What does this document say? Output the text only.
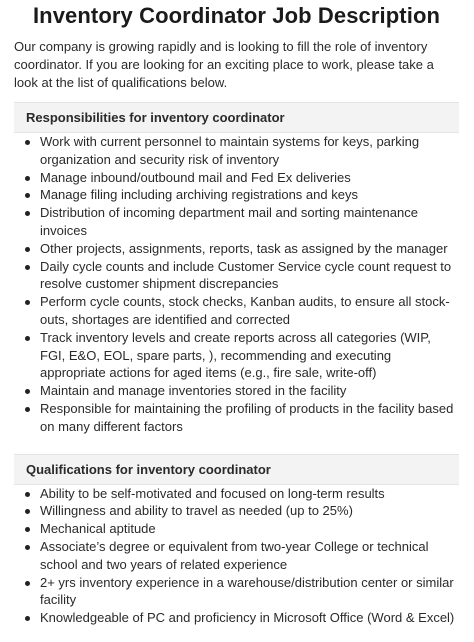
Inventory Coordinator Job Description

Our company is growing rapidly and is looking to fill the role of inventory coordinator. If you are looking for an exciting place to work, please take a look at the list of qualifications below.

Responsibilities for inventory coordinator
Work with current personnel to maintain systems for keys, parking organization and security risk of inventory
Manage inbound/outbound mail and Fed Ex deliveries
Manage filing including archiving registrations and keys
Distribution of incoming department mail and sorting maintenance invoices
Other projects, assignments, reports, task as assigned by the manager
Daily cycle counts and include Customer Service cycle count request to resolve customer shipment discrepancies
Perform cycle counts, stock checks, Kanban audits, to ensure all stock-outs, shortages are identified and corrected
Track inventory levels and create reports across all categories (WIP, FGI, E&O, EOL, spare parts, ), recommending and executing appropriate actions for aged items (e.g., fire sale, write-off)
Maintain and manage inventories stored in the facility
Responsible for maintaining the profiling of products in the facility based on many different factors
Qualifications for inventory coordinator
Ability to be self-motivated and focused on long-term results
Willingness and ability to travel as needed (up to 25%)
Mechanical aptitude
Associate’s degree or equivalent from two-year College or technical school and two years of related experience
2+ yrs inventory experience in a warehouse/distribution center or similar facility
Knowledgeable of PC and proficiency in Microsoft Office (Word & Excel)
